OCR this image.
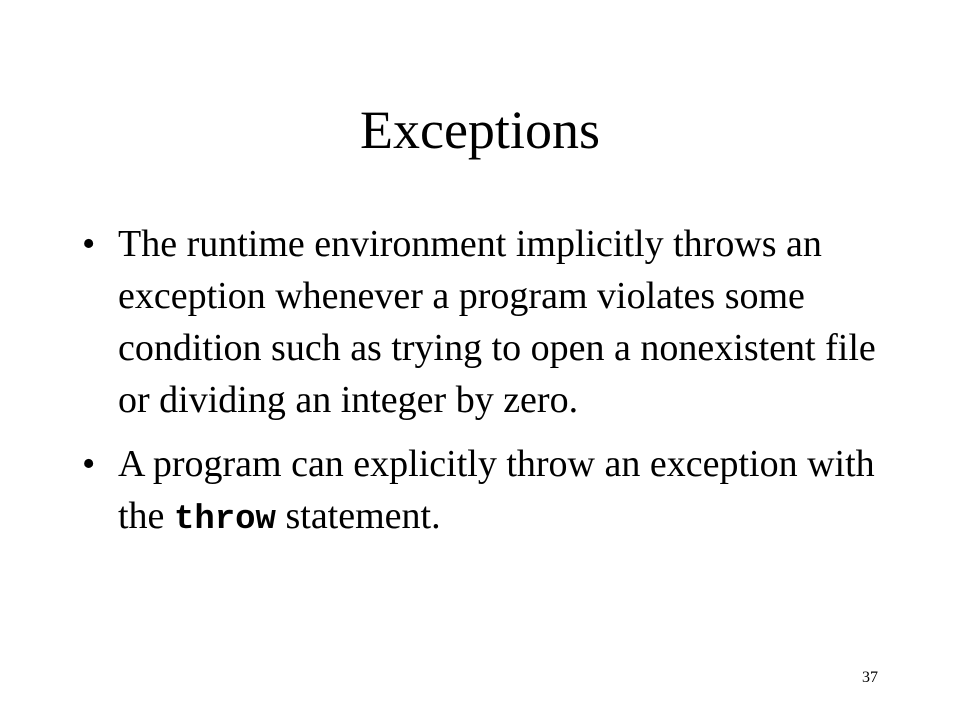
Exceptions
• The runtime environment implicitly throws an exception whenever a program violates some condition such as trying to open a nonexistent file or dividing an integer by zero.
• A program can explicitly throw an exception with the throw statement.
37
